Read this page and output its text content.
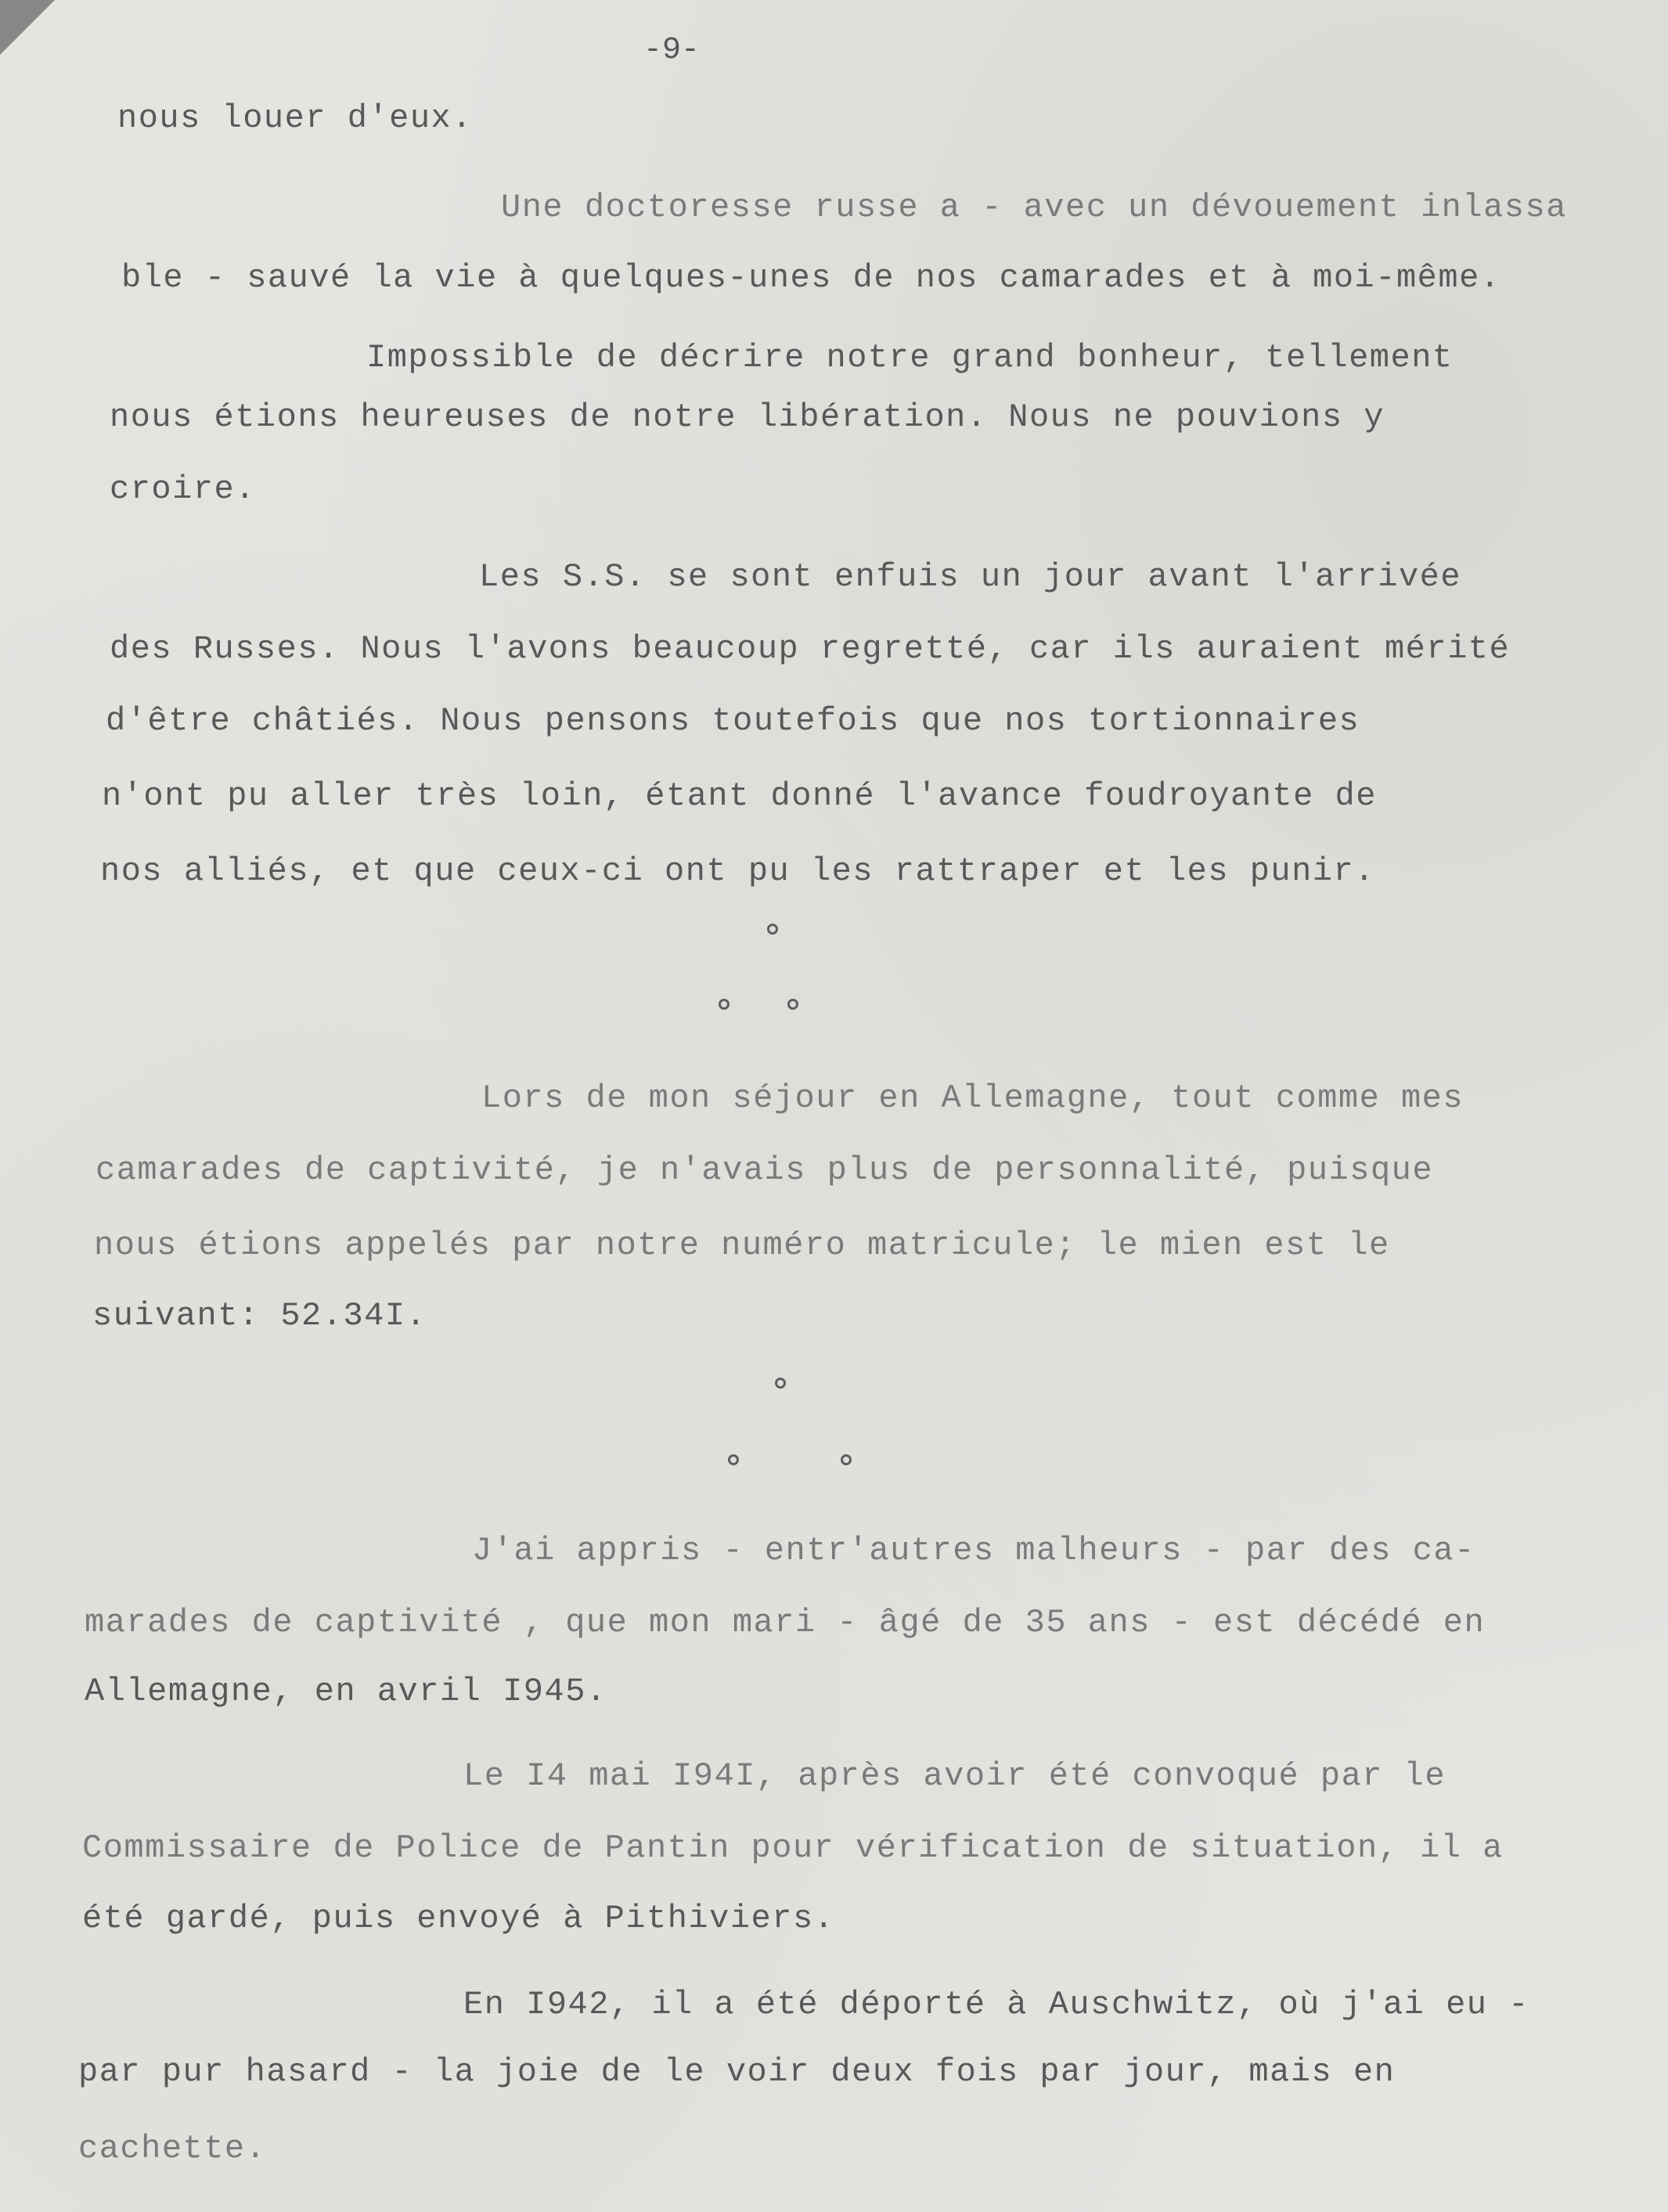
-9-
nous louer d'eux.
Une doctoresse russe a - avec un dévouement inlassa
ble - sauvé la vie à quelques-unes de nos camarades et à moi-même.
Impossible de décrire notre grand bonheur, tellement
nous étions heureuses de notre libération. Nous ne pouvions y
croire.
Les S.S. se sont enfuis un jour avant l'arrivée
des Russes. Nous l'avons beaucoup regretté, car ils auraient mérité
d'être châtiés. Nous pensons toutefois que nos tortionnaires
n'ont pu aller très loin, étant donné l'avance foudroyante de
nos alliés, et que ceux-ci ont pu les rattraper et les punir.
Lors de mon séjour en Allemagne, tout comme mes
camarades de captivité, je n'avais plus de personnalité, puisque
nous étions appelés par notre numéro matricule; le mien est le
suivant: 52.34I.
J'ai appris - entr'autres malheurs - par des ca-
marades de captivité , que mon mari - âgé de 35 ans - est décédé en
Allemagne, en avril I945.
Le I4 mai I94I, après avoir été convoqué par le
Commissaire de Police de Pantin pour vérification de situation, il a
été gardé, puis envoyé à Pithiviers.
En I942, il a été déporté à Auschwitz, où j'ai eu -
par pur hasard - la joie de le voir deux fois par jour, mais en
cachette.
